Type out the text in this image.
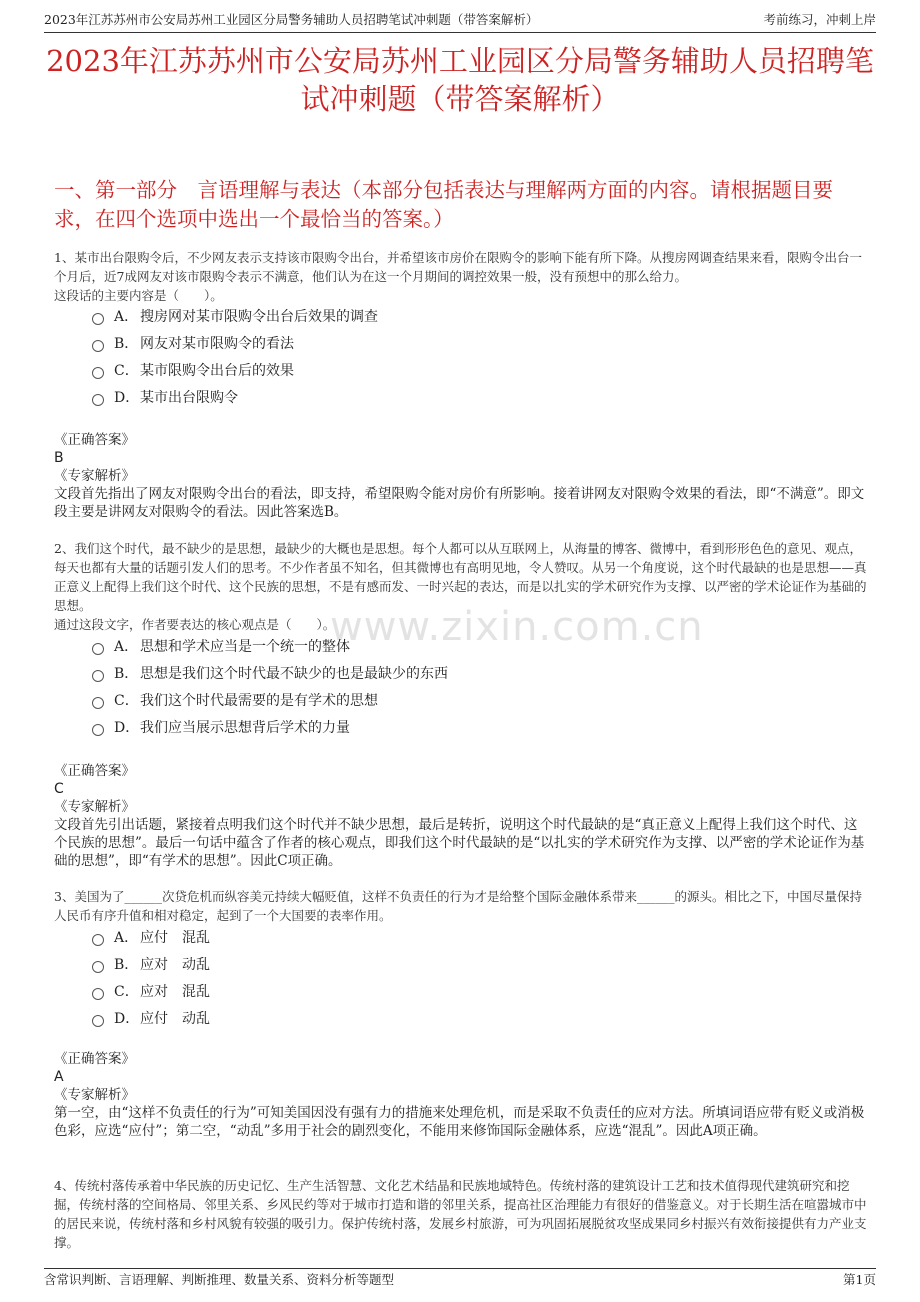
2023年江苏苏州市公安局苏州工业园区分局警务辅助人员招聘笔试冲刺题（带答案解析）	考前练习，冲刺上岸
2023年江苏苏州市公安局苏州工业园区分局警务辅助人员招聘笔试冲刺题（带答案解析）
一、第一部分　言语理解与表达（本部分包括表达与理解两方面的内容。请根据题目要求，在四个选项中选出一个最恰当的答案。）
www.zixin.com.cn
1、某市出台限购令后，不少网友表示支持该市限购令出台，并希望该市房价在限购令的影响下能有所下降。从搜房网调查结果来看，限购令出台一个月后，近7成网友对该市限购令表示不满意，他们认为在这一个月期间的调控效果一般，没有预想中的那么给力。
这段话的主要内容是（　　）。
A． 搜房网对某市限购令出台后效果的调查
B． 网友对某市限购令的看法
C．某市限购令出台后的效果
D．某市出台限购令
《正确答案》
B
《专家解析》
文段首先指出了网友对限购令出台的看法，即支持，希望限购令能对房价有所影响。接着讲网友对限购令效果的看法，即“不满意”。即文段主要是讲网友对限购令的看法。因此答案选B。
2、我们这个时代，最不缺少的是思想，最缺少的大概也是思想。每个人都可以从互联网上，从海量的博客、微博中，看到形形色色的意见、观点，每天也都有大量的话题引发人们的思考。不少作者虽不知名，但其微博也有高明见地，令人赞叹。从另一个角度说，这个时代最缺的也是思想——真正意义上配得上我们这个时代、这个民族的思想，不是有感而发、一时兴起的表达，而是以扎实的学术研究作为支撑、以严密的学术论证作为基础的思想。
通过这段文字，作者要表达的核心观点是（　　）。
A． 思想和学术应当是一个统一的整体
B． 思想是我们这个时代最不缺少的也是最缺少的东西
C．我们这个时代最需要的是有学术的思想
D．我们应当展示思想背后学术的力量
《正确答案》
C
《专家解析》
文段首先引出话题，紧接着点明我们这个时代并不缺少思想，最后是转折，说明这个时代最缺的是“真正意义上配得上我们这个时代、这个民族的思想”。最后一句话中蕴含了作者的核心观点，即我们这个时代最缺的是“以扎实的学术研究作为支撑、以严密的学术论证作为基础的思想”，即“有学术的思想”。因此C项正确。
3、美国为了______次贷危机而纵容美元持续大幅贬值，这样不负责任的行为才是给整个国际金融体系带来______的源头。相比之下，中国尽量保持人民币有序升值和相对稳定，起到了一个大国要的表率作用。
A． 应付　混乱
B． 应对　动乱
C．应对　混乱
D．应付　动乱
《正确答案》
A
《专家解析》
第一空，由“这样不负责任的行为”可知美国因没有强有力的措施来处理危机，而是采取不负责任的应对方法。所填词语应带有贬义或消极色彩，应选“应付”；第二空，“动乱”多用于社会的剧烈变化，不能用来修饰国际金融体系，应选“混乱”。因此A项正确。
4、传统村落传承着中华民族的历史记忆、生产生活智慧、文化艺术结晶和民族地域特色。传统村落的建筑设计工艺和技术值得现代建筑研究和挖掘，传统村落的空间格局、邻里关系、乡风民约等对于城市打造和谐的邻里关系，提高社区治理能力有很好的借鉴意义。对于长期生活在喧嚣城市中的居民来说，传统村落和乡村风貌有较强的吸引力。保护传统村落，发展乡村旅游，可为巩固拓展脱贫攻坚成果同乡村振兴有效衔接提供有力产业支撑。
含常识判断、言语理解、判断推理、数量关系、资料分析等题型	第1页
